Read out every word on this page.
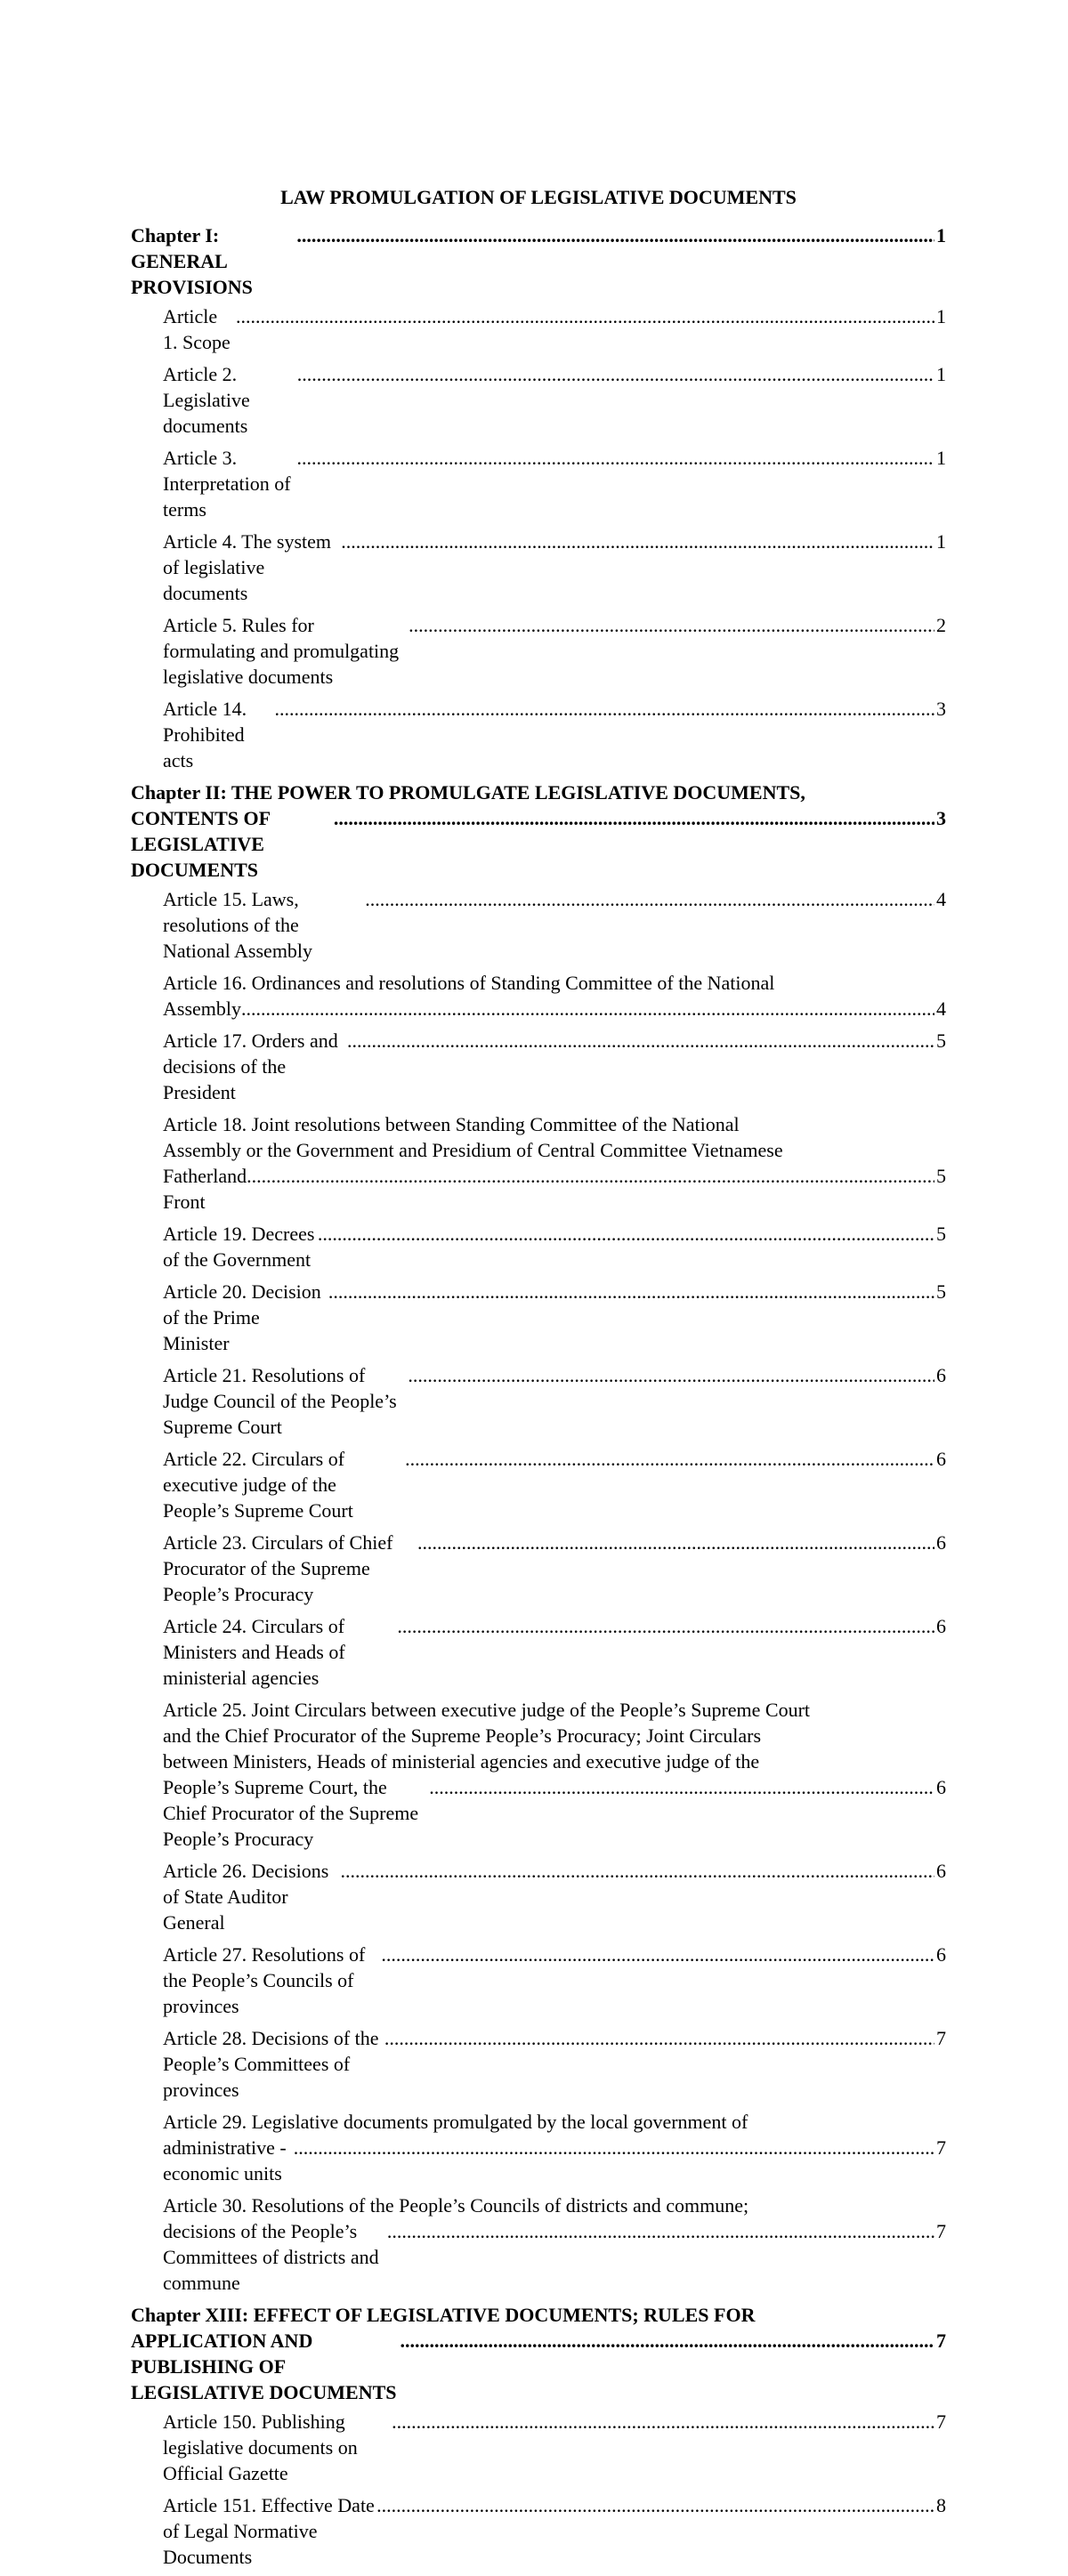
LAW PROMULGATION OF LEGISLATIVE DOCUMENTS
Chapter I: GENERAL PROVISIONS
.....
1
Article 1. Scope
.....
1
Article 2. Legislative documents
.....
1
Article 3. Interpretation of terms
.....
1
Article 4. The system of legislative documents
.....
1
Article 5. Rules for formulating and promulgating legislative documents
.....
2
Article 14. Prohibited acts
.....
3
Chapter II: THE POWER TO PROMULGATE LEGISLATIVE DOCUMENTS,
CONTENTS OF LEGISLATIVE DOCUMENTS
.....
3
Article 15. Laws, resolutions of the National Assembly
.....
4
Article 16. Ordinances and resolutions of Standing Committee of the National
Assembly
.....	4
Article 17. Orders and decisions of the President
.....
5
Article 18. Joint resolutions between Standing Committee of the National
Assembly or the Government and Presidium of Central Committee Vietnamese
Fatherland Front
.....
5
Article 19. Decrees of the Government
.....
5
Article 20. Decision of the Prime Minister
.....
5
Article 21. Resolutions of Judge Council of the People’s Supreme Court
.....
6
Article 22. Circulars of executive judge of the People’s Supreme Court
.....
6
Article 23. Circulars of Chief Procurator of the Supreme People’s Procuracy
.....
6
Article 24. Circulars of Ministers and Heads of ministerial agencies
.....
6
Article 25. Joint Circulars between executive judge of the People’s Supreme Court
and the Chief Procurator of the Supreme People’s Procuracy; Joint Circulars
between Ministers, Heads of ministerial agencies and executive judge of the
People’s Supreme Court, the Chief Procurator of the Supreme People’s Procuracy
.....
6
Article 26. Decisions of State Auditor General
.....
6
Article 27. Resolutions of the People’s Councils of provinces
.....
6
Article 28. Decisions of the People’s Committees of provinces
.....
7
Article 29. Legislative documents promulgated by the local government of
administrative - economic units
.....
7
Article 30. Resolutions of the People’s Councils of districts and commune;
decisions of the People’s Committees of districts and commune
.....
7
Chapter XIII: EFFECT OF LEGISLATIVE DOCUMENTS; RULES FOR
APPLICATION AND PUBLISHING OF LEGISLATIVE DOCUMENTS
.....
7
Article 150. Publishing legislative documents on Official Gazette
.....
7
Article 151. Effective Date of Legal Normative Documents
.....
8
